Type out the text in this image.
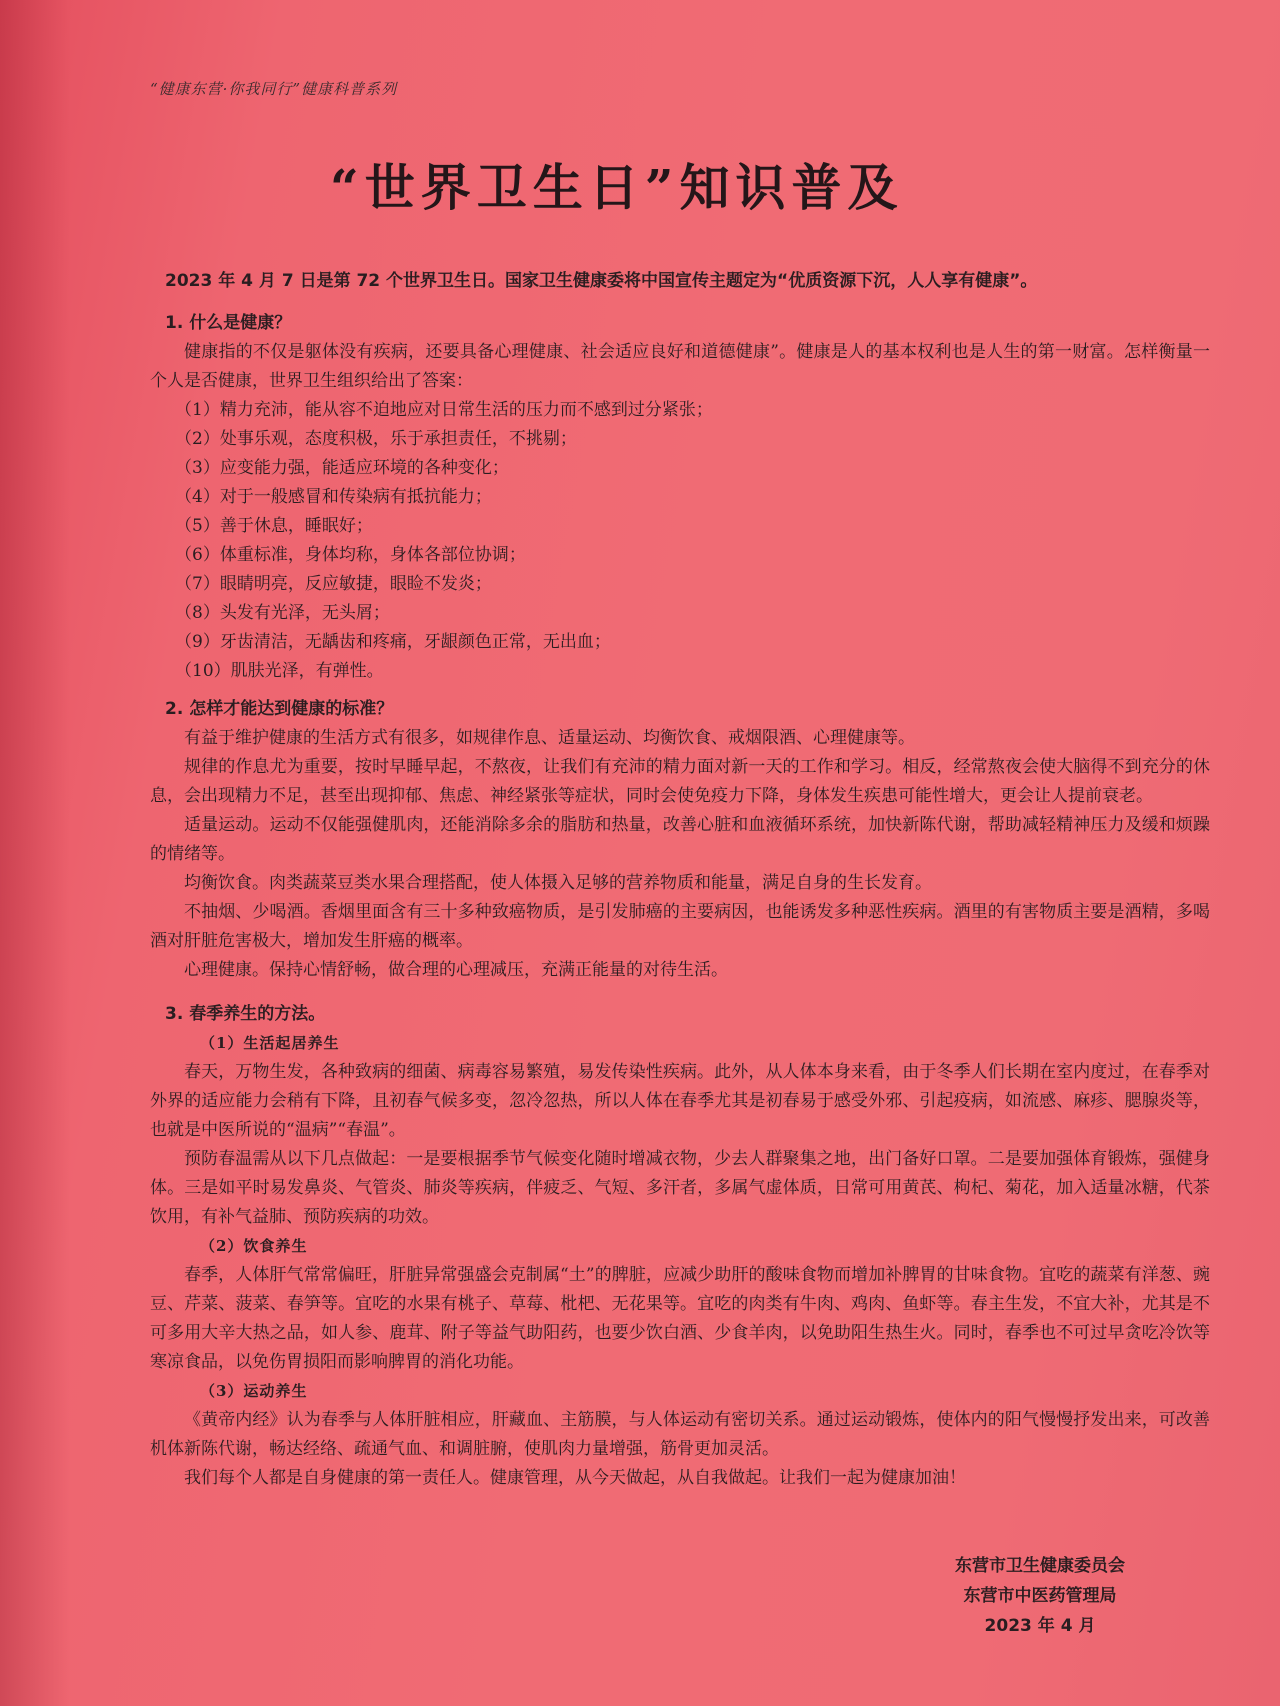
“健康东营·你我同行”健康科普系列
“世界卫生日”知识普及
2023 年 4 月 7 日是第 72 个世界卫生日。国家卫生健康委将中国宣传主题定为“优质资源下沉，人人享有健康”。

1. 什么是健康？

健康指的不仅是躯体没有疾病，还要具备心理健康、社会适应良好和道德健康”。健康是人的基本权利也是人生的第一财富。怎样衡量一个人是否健康，世界卫生组织给出了答案：

（1）精力充沛，能从容不迫地应对日常生活的压力而不感到过分紧张；

（2）处事乐观，态度积极，乐于承担责任，不挑剔；

（3）应变能力强，能适应环境的各种变化；

（4）对于一般感冒和传染病有抵抗能力；

（5）善于休息，睡眠好；

（6）体重标准，身体均称，身体各部位协调；

（7）眼睛明亮，反应敏捷，眼睑不发炎；

（8）头发有光泽，无头屑；

（9）牙齿清洁，无龋齿和疼痛，牙龈颜色正常，无出血；

（10）肌肤光泽，有弹性。

2. 怎样才能达到健康的标准？

有益于维护健康的生活方式有很多，如规律作息、适量运动、均衡饮食、戒烟限酒、心理健康等。

规律的作息尤为重要，按时早睡早起，不熬夜，让我们有充沛的精力面对新一天的工作和学习。相反，经常熬夜会使大脑得不到充分的休息，会出现精力不足，甚至出现抑郁、焦虑、神经紧张等症状，同时会使免疫力下降，身体发生疾患可能性增大，更会让人提前衰老。

适量运动。运动不仅能强健肌肉，还能消除多余的脂肪和热量，改善心脏和血液循环系统，加快新陈代谢，帮助减轻精神压力及缓和烦躁的情绪等。

均衡饮食。肉类蔬菜豆类水果合理搭配，使人体摄入足够的营养物质和能量，满足自身的生长发育。

不抽烟、少喝酒。香烟里面含有三十多种致癌物质，是引发肺癌的主要病因，也能诱发多种恶性疾病。酒里的有害物质主要是酒精，多喝酒对肝脏危害极大，增加发生肝癌的概率。

心理健康。保持心情舒畅，做合理的心理减压，充满正能量的对待生活。

3. 春季养生的方法。

（1）生活起居养生

春天，万物生发，各种致病的细菌、病毒容易繁殖，易发传染性疾病。此外，从人体本身来看，由于冬季人们长期在室内度过，在春季对外界的适应能力会稍有下降，且初春气候多变，忽冷忽热，所以人体在春季尤其是初春易于感受外邪、引起疫病，如流感、麻疹、腮腺炎等，也就是中医所说的“温病”“春温”。

预防春温需从以下几点做起：一是要根据季节气候变化随时增减衣物，少去人群聚集之地，出门备好口罩。二是要加强体育锻炼，强健身体。三是如平时易发鼻炎、气管炎、肺炎等疾病，伴疲乏、气短、多汗者，多属气虚体质，日常可用黄芪、枸杞、菊花，加入适量冰糖，代茶饮用，有补气益肺、预防疾病的功效。

（2）饮食养生

春季，人体肝气常常偏旺，肝脏异常强盛会克制属“土”的脾脏，应减少助肝的酸味食物而增加补脾胃的甘味食物。宜吃的蔬菜有洋葱、豌豆、芹菜、菠菜、春笋等。宜吃的水果有桃子、草莓、枇杷、无花果等。宜吃的肉类有牛肉、鸡肉、鱼虾等。春主生发，不宜大补，尤其是不可多用大辛大热之品，如人参、鹿茸、附子等益气助阳药，也要少饮白酒、少食羊肉，以免助阳生热生火。同时，春季也不可过早贪吃冷饮等寒凉食品，以免伤胃损阳而影响脾胃的消化功能。

（3）运动养生

《黄帝内经》认为春季与人体肝脏相应，肝藏血、主筋膜，与人体运动有密切关系。通过运动锻炼，使体内的阳气慢慢抒发出来，可改善机体新陈代谢，畅达经络、疏通气血、和调脏腑，使肌肉力量增强，筋骨更加灵活。

我们每个人都是自身健康的第一责任人。健康管理，从今天做起，从自我做起。让我们一起为健康加油！

东营市卫生健康委员会
东营市中医药管理局
2023 年 4 月
